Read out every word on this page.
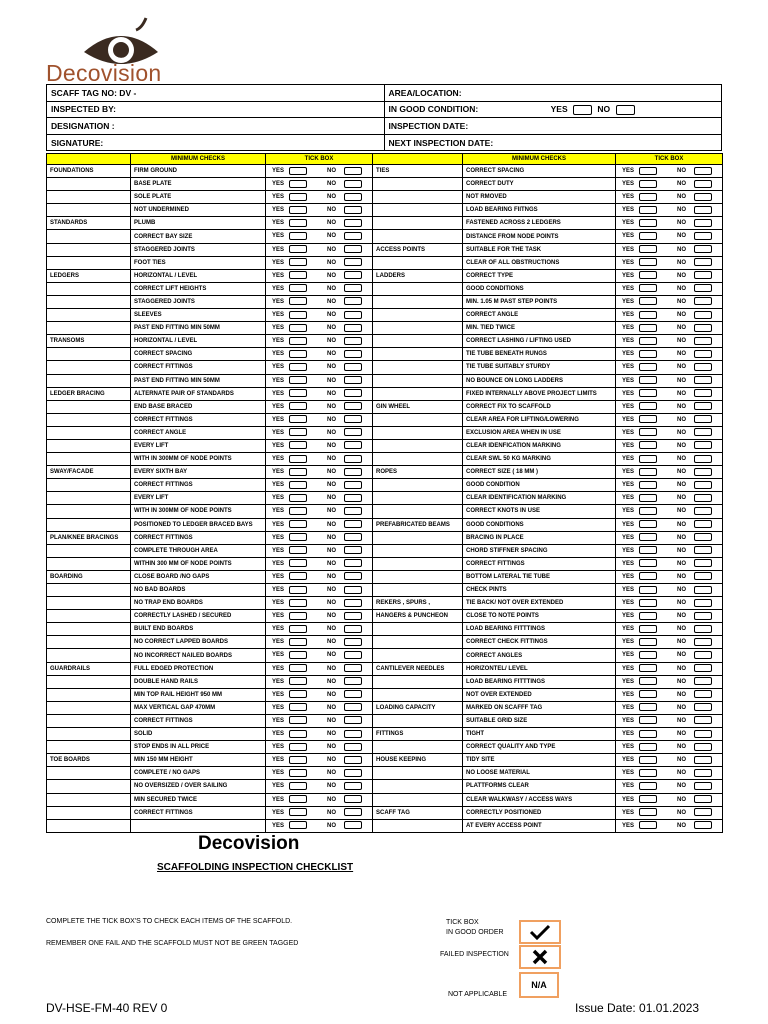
Decovision
SCAFF TAG NO: DV -	AREA/LOCATION:
INSPECTED BY:	IN GOOD CONDITION: YES NO
DESIGNATION :	INSPECTION DATE:
SIGNATURE:	NEXT INSPECTION DATE:
	MINIMUM CHECKS	TICK BOX		MINIMUM CHECKS	TICK BOX
FOUNDATIONS	FIRM GROUND	YES NO	TIES	CORRECT SPACING	YES NO

	BASE PLATE	YES NO		CORRECT DUTY	YES NO

	SOLE PLATE	YES NO		NOT RMOVED	YES NO

	NOT UNDERMINED	YES NO		LOAD BEARING FIITNGS	YES NO

STANDARDS	PLUMB	YES NO		FASTENED ACROSS 2 LEDGERS	YES NO

	CORRECT BAY SIZE	YES NO		DISTANCE FROM NODE POINTS	YES NO

	STAGGERED JOINTS	YES NO	ACCESS POINTS	SUITABLE FOR THE TASK	YES NO

	FOOT TIES	YES NO		CLEAR OF ALL OBSTRUCTIONS	YES NO

LEDGERS	HORIZONTAL / LEVEL	YES NO	LADDERS	CORRECT TYPE	YES NO

	CORRECT LIFT HEIGHTS	YES NO		GOOD CONDITIONS	YES NO

	STAGGERED JOINTS	YES NO		MIN. 1.05 M PAST STEP POINTS	YES NO

	SLEEVES	YES NO		CORRECT ANGLE	YES NO

	PAST END FITTING MIN 50MM	YES NO		MIN. TIED TWICE	YES NO

TRANSOMS	HORIZONTAL / LEVEL	YES NO		CORRECT LASHING / LIFTING USED	YES NO

	CORRECT SPACING	YES NO		TIE TUBE BENEATH RUNGS	YES NO

	CORRECT FITTINGS	YES NO		TIE TUBE SUITABLY STURDY	YES NO

	PAST END FITTING MIN 50MM	YES NO		NO BOUNCE ON LONG LADDERS	YES NO

LEDGER BRACING	ALTERNATE PAIR OF STANDARDS	YES NO		FIXED INTERNALLY ABOVE PROJECT LIMITS	YES NO

	END BASE BRACED	YES NO	GIN WHEEL	CORRECT FIX TO SCAFFOLD	YES NO

	CORRECT FITTINGS	YES NO		CLEAR AREA FOR LIFTING/LOWERING	YES NO

	CORRECT ANGLE	YES NO		EXCLUSION AREA WHEN IN USE	YES NO

	EVERY LIFT	YES NO		CLEAR IDENFICATION MARKING	YES NO

	WITH IN 300MM OF NODE POINTS	YES NO		CLEAR SWL 50 KG MARKING	YES NO

SWAY/FACADE	EVERY SIXTH BAY	YES NO	ROPES	CORRECT SIZE ( 18 MM )	YES NO

	CORRECT FITTINGS	YES NO		GOOD CONDITION	YES NO

	EVERY LIFT	YES NO		CLEAR IDENTIFICATION MARKING	YES NO

	WITH IN 300MM OF NODE POINTS	YES NO		CORRECT KNOTS IN USE	YES NO

	POSITIONED TO LEDGER BRACED BAYS	YES NO	PREFABRICATED BEAMS	GOOD CONDITIONS	YES NO

PLAN/KNEE BRACINGS	CORRECT FITTINGS	YES NO		BRACING IN PLACE	YES NO

	COMPLETE THROUGH AREA	YES NO		CHORD STIFFNER SPACING	YES NO

	WITHIN 300 MM OF NODE POINTS	YES NO		CORRECT FITTINGS	YES NO

BOARDING	CLOSE BOARD /NO GAPS	YES NO		BOTTOM LATERAL TIE TUBE	YES NO

	NO BAD BOARDS	YES NO		CHECK PINTS	YES NO

	NO TRAP END BOARDS	YES NO	REKERS , SPURS ,	TIE BACK/ NOT OVER EXTENDED	YES NO

	CORRECTLY LASHED / SECURED	YES NO	HANGERS & PUNCHEON	CLOSE TO NOTE POINTS	YES NO

	BUILT END BOARDS	YES NO		LOAD BEARING FITTTINGS	YES NO

	NO CORRECT LAPPED BOARDS	YES NO		CORRECT CHECK FITTINGS	YES NO

	NO INCORRECT NAILED BOARDS	YES NO		CORRECT ANGLES	YES NO

GUARDRAILS	FULL EDGED PROTECTION	YES NO	CANTILEVER NEEDLES	HORIZONTEL/ LEVEL	YES NO

	DOUBLE HAND RAILS	YES NO		LOAD BEARING FITTTINGS	YES NO

	MIN TOP RAIL HEIGHT 950 MM	YES NO		NOT OVER EXTENDED	YES NO

	MAX VERTICAL GAP 470MM	YES NO	LOADING CAPACITY	MARKED ON SCAFFF TAG	YES NO

	CORRECT FITTINGS	YES NO		SUITABLE GRID SIZE	YES NO

	SOLID	YES NO	FITTINGS	TIGHT	YES NO

	STOP ENDS IN ALL PRICE	YES NO		CORRECT QUALITY AND TYPE	YES NO

TOE BOARDS	MIN 150 MM HEIGHT	YES NO	HOUSE KEEPING	TIDY SITE	YES NO

	COMPLETE / NO GAPS	YES NO		NO LOOSE MATERIAL	YES NO

	NO OVERSIZED / OVER SAILING	YES NO		PLATTFORMS CLEAR	YES NO

	MIN SECURED TWICE	YES NO		CLEAR WALKWASY / ACCESS WAYS	YES NO

	CORRECT FITTINGS	YES NO	SCAFF TAG	CORRECTLY POSITIONED	YES NO

		YES NO		AT EVERY ACCESS POINT	YES NO
Decovision
SCAFFOLDING INSPECTION CHECKLIST
COMPLETE THE TICK BOX'S TO CHECK EACH ITEMS OF THE SCAFFOLD.
REMEMBER ONE FAIL AND THE SCAFFOLD MUST NOT BE GREEN TAGGED
TICK BOX
IN GOOD ORDER
FAILED INSPECTION
N/A
NOT APPLICABLE
DV-HSE-FM-40 REV 0	Issue Date: 01.01.2023
